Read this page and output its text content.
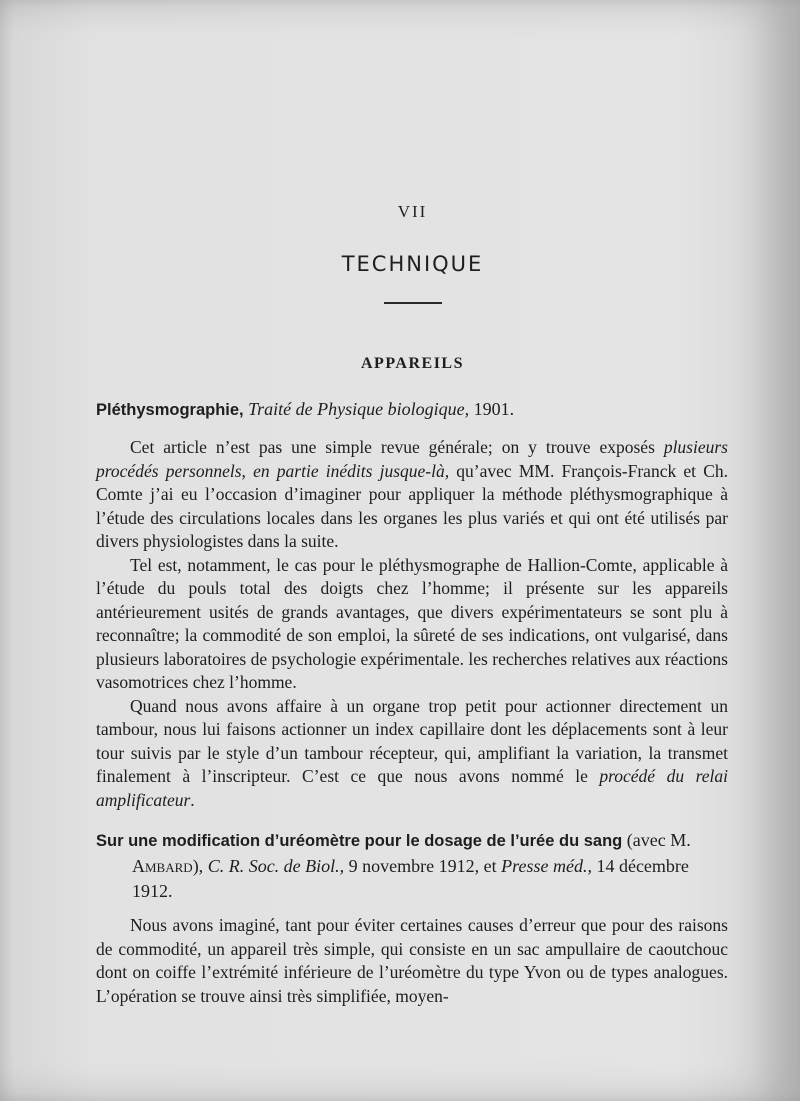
VII
TECHNIQUE
APPAREILS
Pléthysmographie, Traité de Physique biologique, 1901.

Cet article n’est pas une simple revue générale; on y trouve exposés plusieurs procédés personnels, en partie inédits jusque-là, qu’avec MM. François-Franck et Ch. Comte j’ai eu l’occasion d’imaginer pour appliquer la méthode pléthysmographique à l’étude des circulations locales dans les organes les plus variés et qui ont été utilisés par divers physiologistes dans la suite.

Tel est, notamment, le cas pour le pléthysmographe de Hallion-Comte, applicable à l’étude du pouls total des doigts chez l’homme; il présente sur les appareils antérieurement usités de grands avantages, que divers expérimentateurs se sont plu à reconnaître; la commodité de son emploi, la sûreté de ses indications, ont vulgarisé, dans plusieurs laboratoires de psychologie expérimentale. les recherches relatives aux réactions vasomotrices chez l’homme.

Quand nous avons affaire à un organe trop petit pour actionner directement un tambour, nous lui faisons actionner un index capillaire dont les déplacements sont à leur tour suivis par le style d’un tambour récepteur, qui, amplifiant la variation, la transmet finalement à l’inscripteur. C’est ce que nous avons nommé le procédé du relai amplificateur.

Sur une modification d’uréomètre pour le dosage de l’urée du sang (avec M. Ambard), C. R. Soc. de Biol., 9 novembre 1912, et Presse méd., 14 décembre 1912.

Nous avons imaginé, tant pour éviter certaines causes d’erreur que pour des raisons de commodité, un appareil très simple, qui consiste en un sac ampullaire de caoutchouc dont on coiffe l’extrémité inférieure de l’uréomètre du type Yvon ou de types analogues. L’opération se trouve ainsi très simplifiée, moyen-
